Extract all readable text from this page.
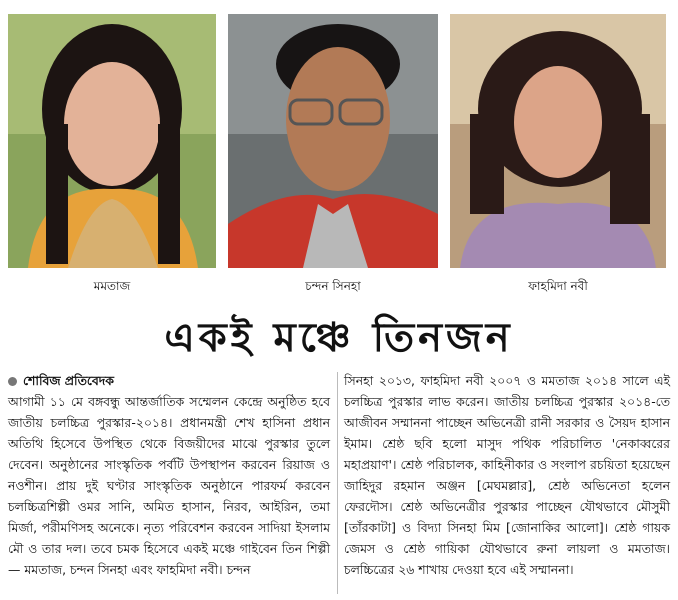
মমতাজ	চন্দন সিনহা	ফাহমিদা নবী
একই মঞ্চে তিনজন
শোবিজ প্রতিবেদক
আগামী ১১ মে বঙ্গবন্ধু আন্তর্জাতিক সম্মেলন কেন্দ্রে অনুষ্ঠিত হবে জাতীয় চলচ্চিত্র পুরস্কার-২০১৪। প্রধানমন্ত্রী শেখ হাসিনা প্রধান অতিথি হিসেবে উপস্থিত থেকে বিজয়ীদের মাঝে পুরস্কার তুলে দেবেন। অনুষ্ঠানের সাংস্কৃতিক পর্বটি উপস্থাপন করবেন রিয়াজ ও নওশীন। প্রায় দুই ঘণ্টার সাংস্কৃতিক অনুষ্ঠানে পারফর্ম করবেন চলচ্চিত্রশিল্পী ওমর সানি, অমিত হাসান, নিরব, আইরিন, তমা মির্জা, পরীমণিসহ অনেকে। নৃত্য পরিবেশন করবেন সাদিয়া ইসলাম মৌ ও তার দল। তবে চমক হিসেবে একই মঞ্চে গাইবেন তিন শিল্পী— মমতাজ, চন্দন সিনহা এবং ফাহমিদা নবী। চন্দন
সিনহা ২০১৩, ফাহমিদা নবী ২০০৭ ও মমতাজ ২০১৪ সালে এই চলচ্চিত্র পুরস্কার লাভ করেন। জাতীয় চলচ্চিত্র পুরস্কার ২০১৪-তে আজীবন সম্মাননা পাচ্ছেন অভিনেত্রী রানী সরকার ও সৈয়দ হাসান ইমাম। শ্রেষ্ঠ ছবি হলো মাসুদ পথিক পরিচালিত 'নেকাব্বরের মহাপ্রয়াণ'। শ্রেষ্ঠ পরিচালক, কাহিনীকার ও সংলাপ রচয়িতা হয়েছেন জাহিদুর রহমান অঞ্জন [মেঘমল্লার], শ্রেষ্ঠ অভিনেতা হলেন ফেরদৌস। শ্রেষ্ঠ অভিনেত্রীর পুরস্কার পাচ্ছেন যৌথভাবে মৌসুমী [তাঁরকাটা] ও বিদ্যা সিনহা মিম [জোনাকির আলো]। শ্রেষ্ঠ গায়ক জেমস ও শ্রেষ্ঠ গায়িকা যৌথভাবে রুনা লায়লা ও মমতাজ। চলচ্চিত্রের ২৬ শাখায় দেওয়া হবে এই সম্মাননা।
